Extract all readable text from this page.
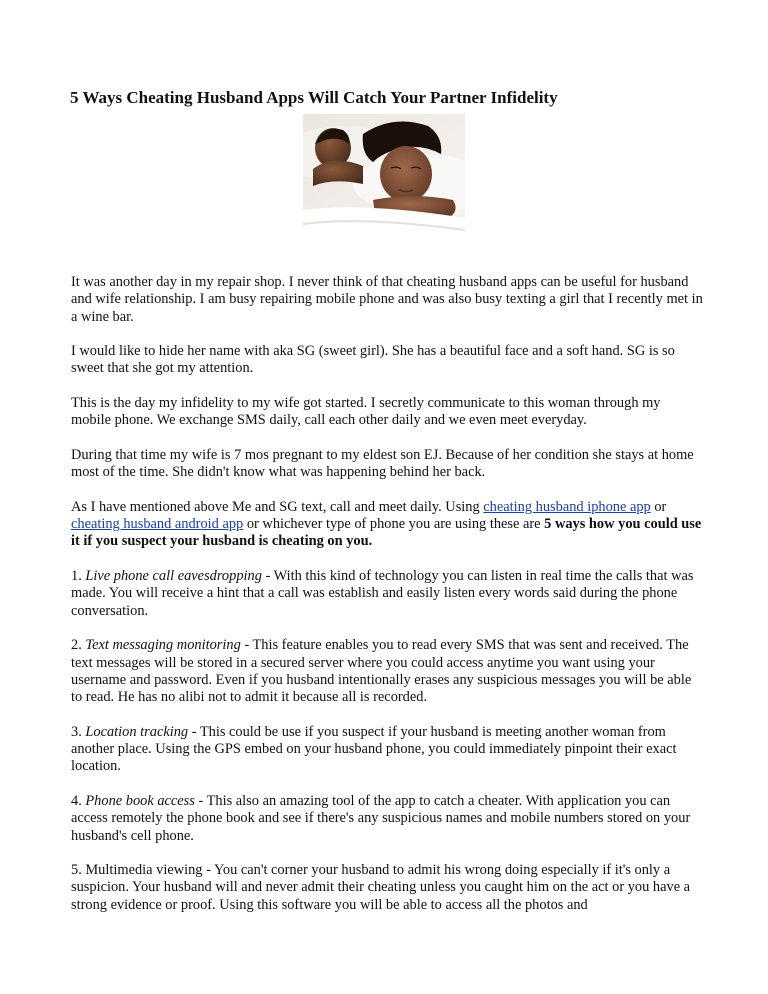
5 Ways Cheating Husband Apps Will Catch Your Partner Infidelity

It was another day in my repair shop. I never think of that cheating husband apps can be useful for husband and wife relationship. I am busy repairing mobile phone and was also busy texting a girl that I recently met in a wine bar.

I would like to hide her name with aka SG (sweet girl). She has a beautiful face and a soft hand. SG is so sweet that she got my attention.

This is the day my infidelity to my wife got started. I secretly communicate to this woman through my mobile phone. We exchange SMS daily, call each other daily and we even meet everyday.

During that time my wife is 7 mos pregnant to my eldest son EJ. Because of her condition she stays at home most of the time. She didn't know what was happening behind her back.

As I have mentioned above Me and SG text, call and meet daily. Using cheating husband iphone app or cheating husband android app or whichever type of phone you are using these are 5 ways how you could use it if you suspect your husband is cheating on you.

1. Live phone call eavesdropping - With this kind of technology you can listen in real time the calls that was made. You will receive a hint that a call was establish and easily listen every words said during the phone conversation.

2. Text messaging monitoring - This feature enables you to read every SMS that was sent and received. The text messages will be stored in a secured server where you could access anytime you want using your username and password. Even if you husband intentionally erases any suspicious messages you will be able to read. He has no alibi not to admit it because all is recorded.

3. Location tracking - This could be use if you suspect if your husband is meeting another woman from another place. Using the GPS embed on your husband phone, you could immediately pinpoint their exact location.

4. Phone book access - This also an amazing tool of the app to catch a cheater. With application you can access remotely the phone book and see if there's any suspicious names and mobile numbers stored on your husband's cell phone.

5. Multimedia viewing - You can't corner your husband to admit his wrong doing especially if it's only a suspicion. Your husband will and never admit their cheating unless you caught him on the act or you have a strong evidence or proof. Using this software you will be able to access all the photos and
